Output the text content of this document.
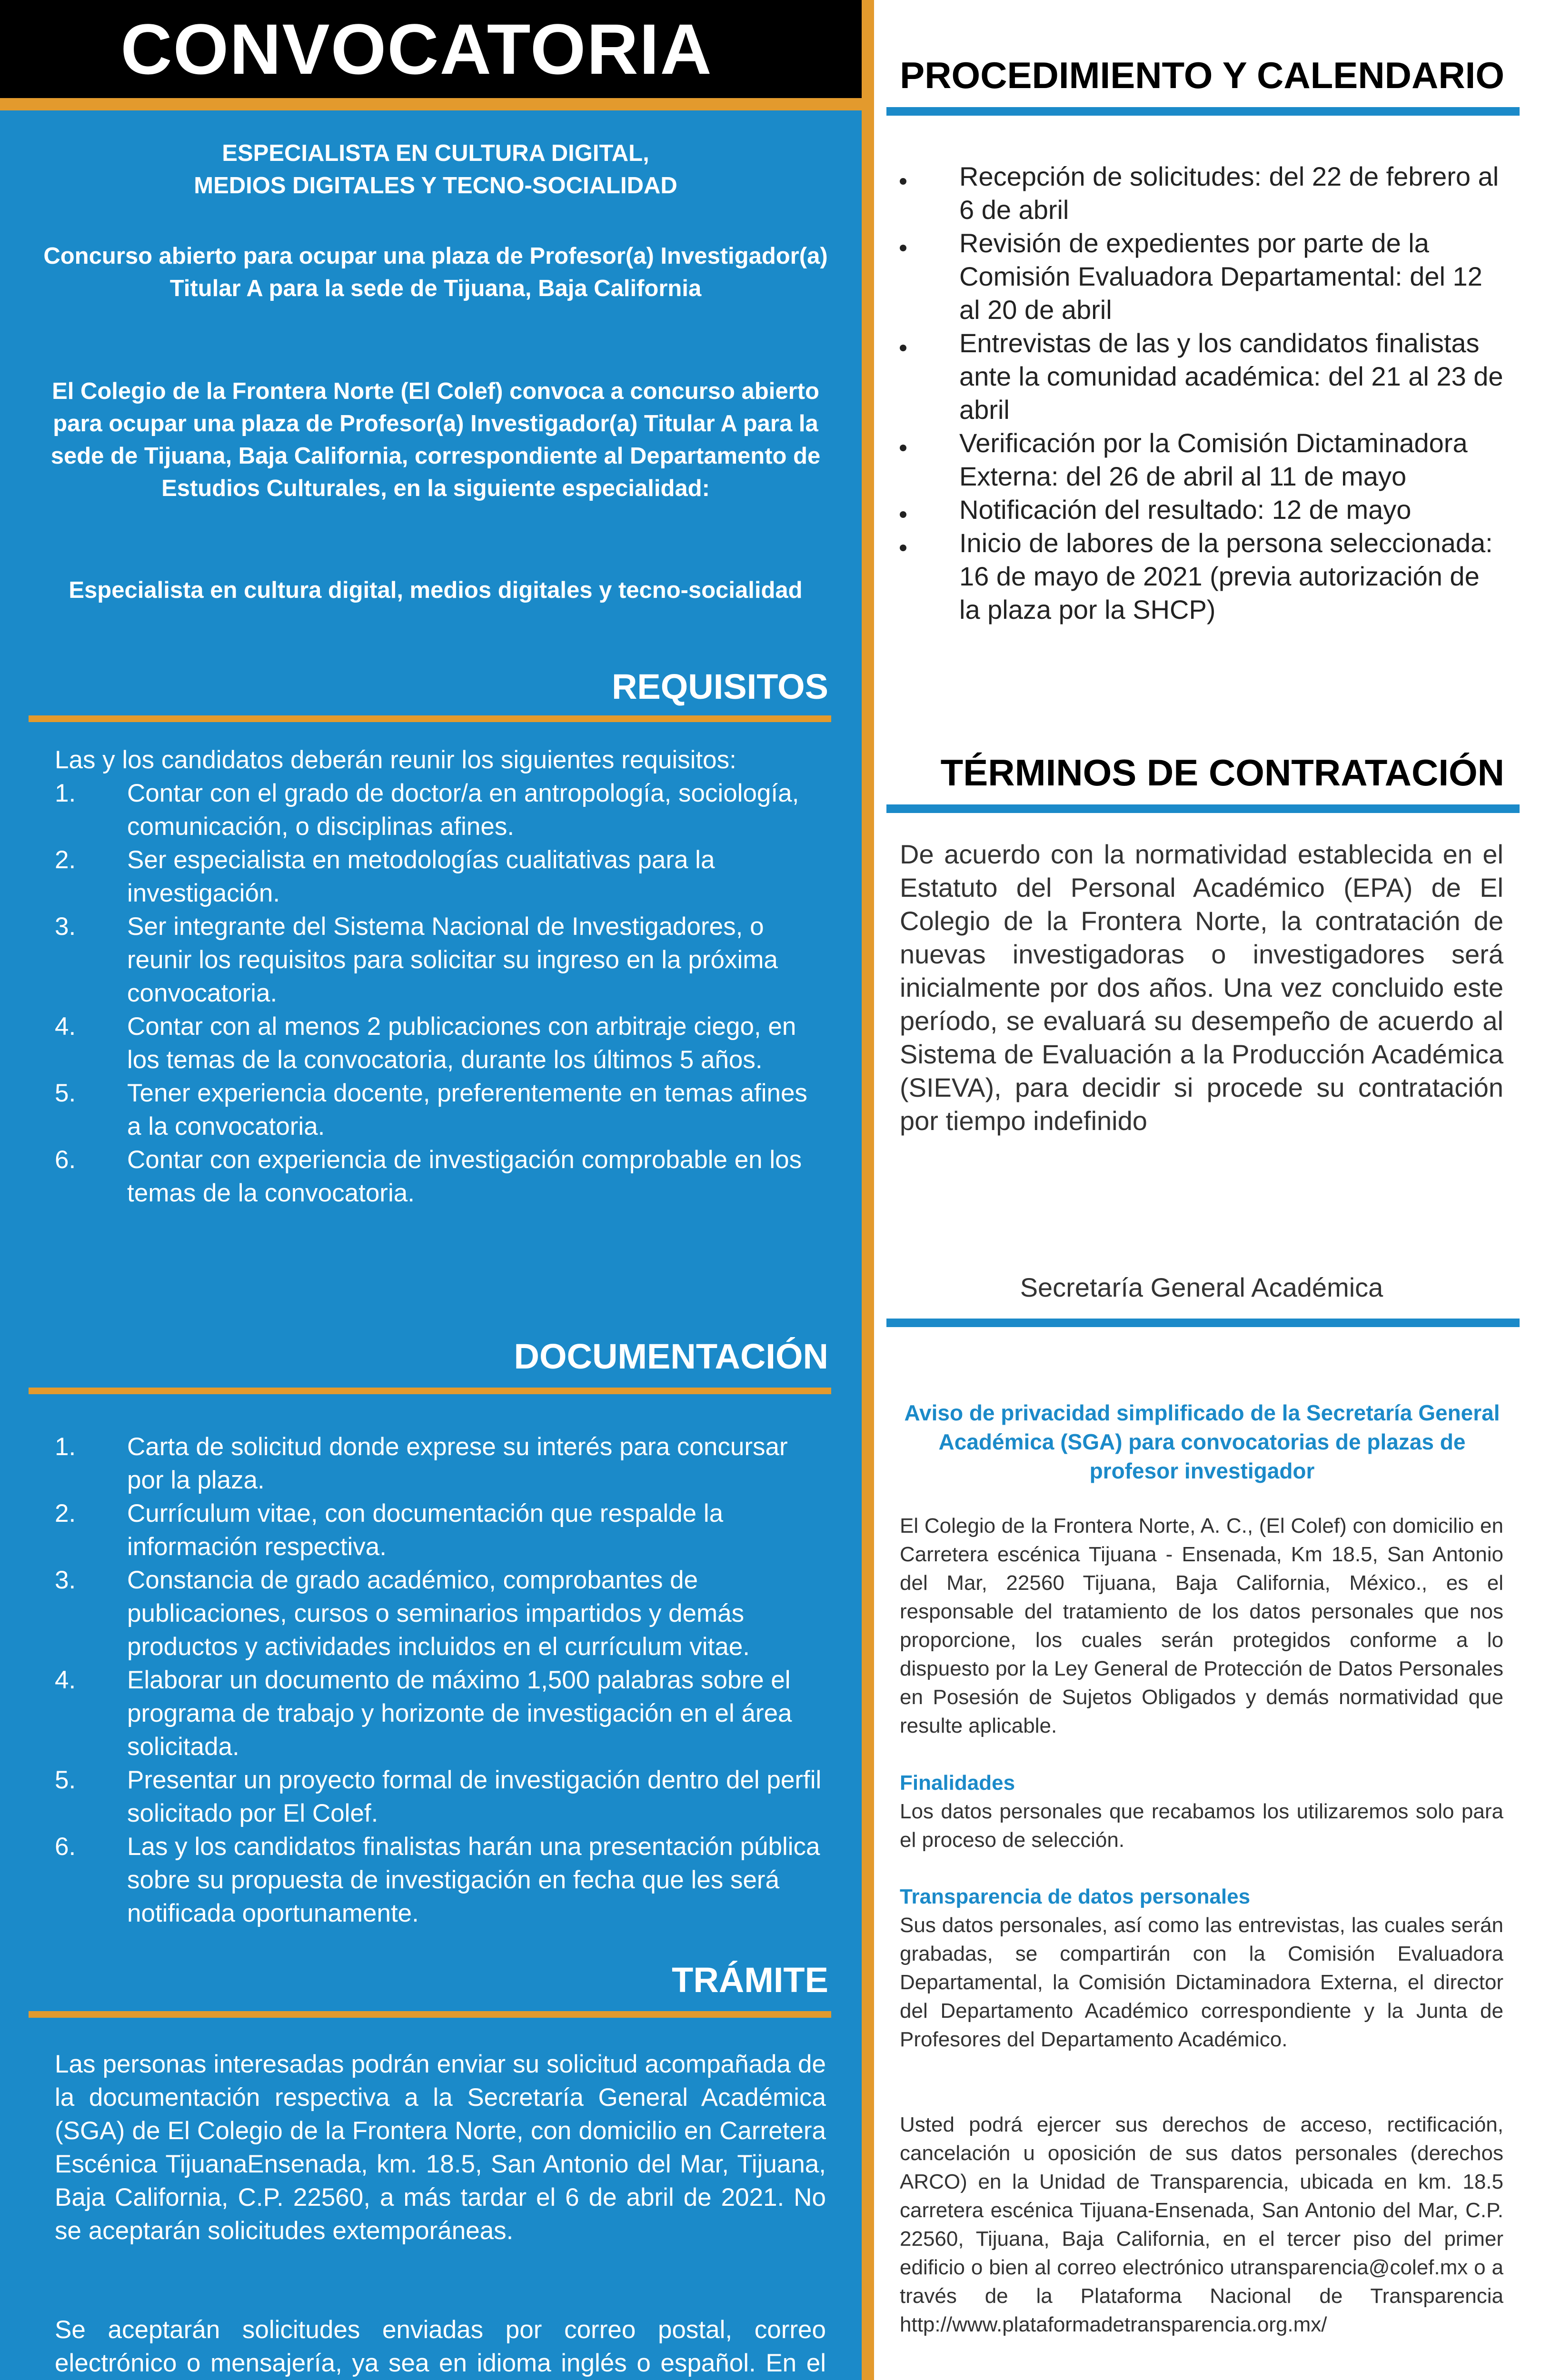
CONVOCATORIA
ESPECIALISTA EN CULTURA DIGITAL,
MEDIOS DIGITALES Y TECNO-SOCIALIDAD
Concurso abierto para ocupar una plaza de Profesor(a) Investigador(a) Titular A para la sede de Tijuana, Baja California
El Colegio de la Frontera Norte (El Colef) convoca a concurso abierto para ocupar una plaza de Profesor(a) Investigador(a) Titular A para la sede de Tijuana, Baja California, correspondiente al Departamento de Estudios Culturales, en la siguiente especialidad:
Especialista en cultura digital, medios digitales y tecno-socialidad
REQUISITOS
Las y los candidatos deberán reunir los siguientes requisitos:
1. Contar con el grado de doctor/a en antropología, sociología, comunicación, o disciplinas afines.
2. Ser especialista en metodologías cualitativas para la investigación.
3. Ser integrante del Sistema Nacional de Investigadores, o reunir los requisitos para solicitar su ingreso en la próxima convocatoria.
4. Contar con al menos 2 publicaciones con arbitraje ciego, en los temas de la convocatoria, durante los últimos 5 años.
5. Tener experiencia docente, preferentemente en temas afines a la convocatoria.
6. Contar con experiencia de investigación comprobable en los temas de la convocatoria.
DOCUMENTACIÓN
1. Carta de solicitud donde exprese su interés para concursar por la plaza.
2. Currículum vitae, con documentación que respalde la información respectiva.
3. Constancia de grado académico, comprobantes de publicaciones, cursos o seminarios impartidos y demás productos y actividades incluidos en el currículum vitae.
4. Elaborar un documento de máximo 1,500 palabras sobre el programa de trabajo y horizonte de investigación en el área solicitada.
5. Presentar un proyecto formal de investigación dentro del perfil solicitado por El Colef.
6. Las y los candidatos finalistas harán una presentación pública sobre su propuesta de investigación en fecha que les será notificada oportunamente.
TRÁMITE
Las personas interesadas podrán enviar su solicitud acompañada de la documentación respectiva a la Secretaría General Académica (SGA) de El Colegio de la Frontera Norte, con domicilio en Carretera Escénica TijuanaEnsenada, km. 18.5, San Antonio del Mar, Tijuana, Baja California, C.P. 22560, a más tardar el 6 de abril de 2021. No se aceptarán solicitudes extemporáneas.
Se aceptarán solicitudes enviadas por correo postal, correo electrónico o mensajería, ya sea en idioma inglés o español. En el
PROCEDIMIENTO Y CALENDARIO
Recepción de solicitudes: del 22 de febrero al 6 de abril
Revisión de expedientes por parte de la Comisión Evaluadora Departamental: del 12 al 20 de abril
Entrevistas de las y los candidatos finalistas ante la comunidad académica: del 21 al 23 de abril
Verificación por la Comisión Dictaminadora Externa: del 26 de abril al 11 de mayo
Notificación del resultado: 12 de mayo
Inicio de labores de la persona seleccionada: 16 de mayo de 2021 (previa autorización de la plaza por la SHCP)
TÉRMINOS DE CONTRATACIÓN
De acuerdo con la normatividad establecida en el Estatuto del Personal Académico (EPA) de El Colegio de la Frontera Norte, la contratación de nuevas investigadoras o investigadores será inicialmente por dos años. Una vez concluido este período, se evaluará su desempeño de acuerdo al Sistema de Evaluación a la Producción Académica (SIEVA), para decidir si procede su contratación por tiempo indefinido
Secretaría General Académica
Aviso de privacidad simplificado de la Secretaría General Académica (SGA) para convocatorias de plazas de profesor investigador
El Colegio de la Frontera Norte, A. C., (El Colef) con domicilio en Carretera escénica Tijuana - Ensenada, Km 18.5, San Antonio del Mar, 22560 Tijuana, Baja California, México., es el responsable del tratamiento de los datos personales que nos proporcione, los cuales serán protegidos conforme a lo dispuesto por la Ley General de Protección de Datos Personales en Posesión de Sujetos Obligados y demás normatividad que resulte aplicable.
Finalidades
Los datos personales que recabamos los utilizaremos solo para el proceso de selección.
Transparencia de datos personales
Sus datos personales, así como las entrevistas, las cuales serán grabadas, se compartirán con la Comisión Evaluadora Departamental, la Comisión Dictaminadora Externa, el director del Departamento Académico correspondiente y la Junta de Profesores del Departamento Académico.
Usted podrá ejercer sus derechos de acceso, rectificación, cancelación u oposición de sus datos personales (derechos ARCO) en la Unidad de Transparencia, ubicada en km. 18.5 carretera escénica Tijuana-Ensenada, San Antonio del Mar, C.P. 22560, Tijuana, Baja California, en el tercer piso del primer edificio o bien al correo electrónico utransparencia@colef.mx o a través de la Plataforma Nacional de Transparencia http://www.plataformadetransparencia.org.mx/
